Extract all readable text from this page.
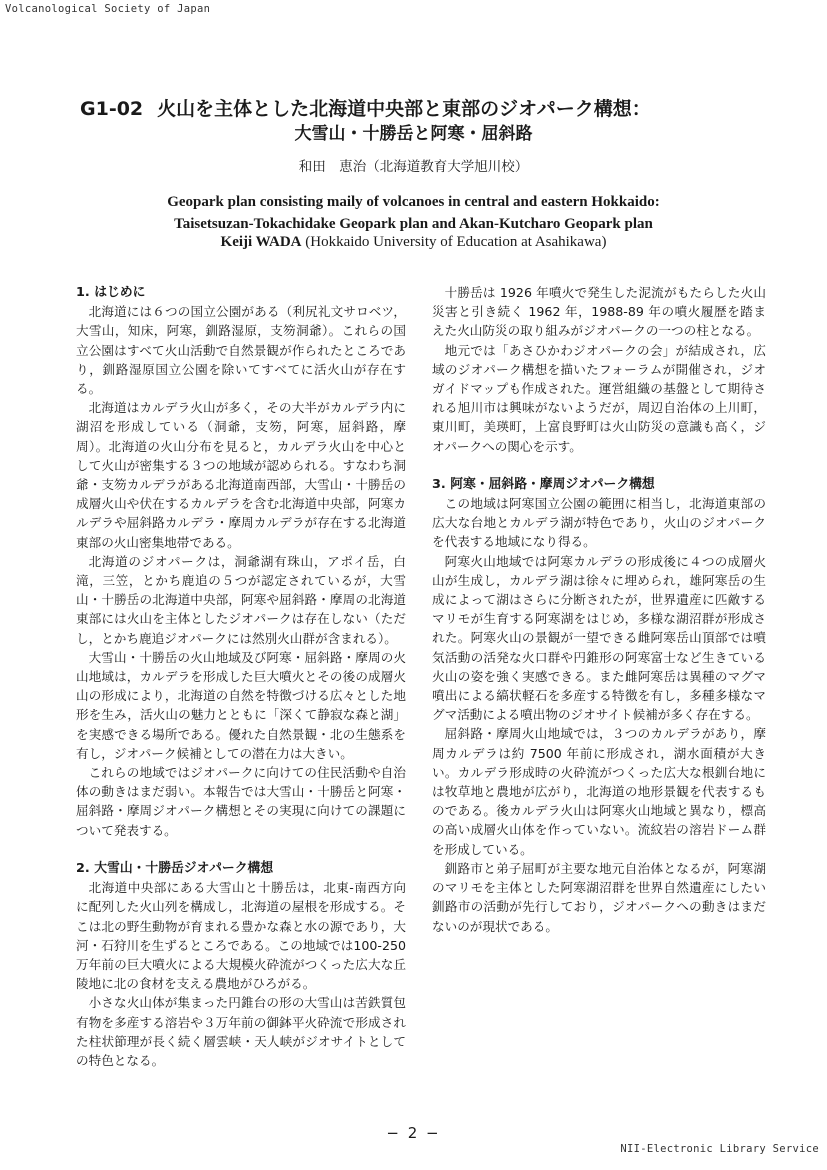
Volcanological Society of Japan
G1-02 火山を主体とした北海道中央部と東部のジオパーク構想：
大雪山・十勝岳と阿寒・屈斜路
和田　恵治（北海道教育大学旭川校）
Geopark plan consisting maily of volcanoes in central and eastern Hokkaido:
Taisetsuzan-Tokachidake Geopark plan and Akan-Kutcharo Geopark plan
Keiji WADA (Hokkaido University of Education at Asahikawa)

1. はじめに

北海道には６つの国立公園がある（利尻礼文サロベツ，大雪山，知床，阿寒，釧路湿原，支笏洞爺）。これらの国立公園はすべて火山活動で自然景観が作られたところであり，釧路湿原国立公園を除いてすべてに活火山が存在する。

北海道はカルデラ火山が多く，その大半がカルデラ内に湖沼を形成している（洞爺，支笏，阿寒，屈斜路，摩周）。北海道の火山分布を見ると，カルデラ火山を中心として火山が密集する３つの地域が認められる。すなわち洞爺・支笏カルデラがある北海道南西部，大雪山・十勝岳の成層火山や伏在するカルデラを含む北海道中央部，阿寒カルデラや屈斜路カルデラ・摩周カルデラが存在する北海道東部の火山密集地帯である。

北海道のジオパークは，洞爺湖有珠山，アポイ岳，白滝，三笠，とかち鹿追の５つが認定されているが，大雪山・十勝岳の北海道中央部，阿寒や屈斜路・摩周の北海道東部には火山を主体としたジオパークは存在しない（ただし，とかち鹿追ジオパークには然別火山群が含まれる）。

大雪山・十勝岳の火山地域及び阿寒・屈斜路・摩周の火山地域は，カルデラを形成した巨大噴火とその後の成層火山の形成により，北海道の自然を特徴づける広々とした地形を生み，活火山の魅力とともに「深くて静寂な森と湖」を実感できる場所である。優れた自然景観・北の生態系を有し，ジオパーク候補としての潜在力は大きい。

これらの地域ではジオパークに向けての住民活動や自治体の動きはまだ弱い。本報告では大雪山・十勝岳と阿寒・屈斜路・摩周ジオパーク構想とその実現に向けての課題について発表する。

2. 大雪山・十勝岳ジオパーク構想

北海道中央部にある大雪山と十勝岳は，北東-南西方向に配列した火山列を構成し，北海道の屋根を形成する。そこは北の野生動物が育まれる豊かな森と水の源であり，大河・石狩川を生ずるところである。この地域では100-250万年前の巨大噴火による大規模火砕流がつくった広大な丘陵地に北の食材を支える農地がひろがる。

小さな火山体が集まった円錐台の形の大雪山は苦鉄質包有物を多産する溶岩や３万年前の御鉢平火砕流で形成された柱状節理が長く続く層雲峡・天人峡がジオサイトとしての特色となる。

十勝岳は 1926 年噴火で発生した泥流がもたらした火山災害と引き続く 1962 年，1988-89 年の噴火履歴を踏まえた火山防災の取り組みがジオパークの一つの柱となる。

地元では「あさひかわジオパークの会」が結成され，広域のジオパーク構想を描いたフォーラムが開催され，ジオガイドマップも作成された。運営組織の基盤として期待される旭川市は興味がないようだが，周辺自治体の上川町，東川町，美瑛町，上富良野町は火山防災の意識も高く，ジオパークへの関心を示す。

3. 阿寒・屈斜路・摩周ジオパーク構想

この地域は阿寒国立公園の範囲に相当し，北海道東部の広大な台地とカルデラ湖が特色であり，火山のジオパークを代表する地域になり得る。

阿寒火山地域では阿寒カルデラの形成後に４つの成層火山が生成し，カルデラ湖は徐々に埋められ，雄阿寒岳の生成によって湖はさらに分断されたが，世界遺産に匹敵するマリモが生育する阿寒湖をはじめ，多様な湖沼群が形成された。阿寒火山の景観が一望できる雌阿寒岳山頂部では噴気活動の活発な火口群や円錐形の阿寒富士など生きている火山の姿を強く実感できる。また雌阿寒岳は異種のマグマ噴出による縞状軽石を多産する特徴を有し，多種多様なマグマ活動による噴出物のジオサイト候補が多く存在する。

屈斜路・摩周火山地域では，３つのカルデラがあり，摩周カルデラは約 7500 年前に形成され，湖水面積が大きい。カルデラ形成時の火砕流がつくった広大な根釧台地には牧草地と農地が広がり，北海道の地形景観を代表するものである。後カルデラ火山は阿寒火山地域と異なり，標高の高い成層火山体を作っていない。流紋岩の溶岩ドーム群を形成している。

釧路市と弟子屈町が主要な地元自治体となるが，阿寒湖のマリモを主体とした阿寒湖沼群を世界自然遺産にしたい釧路市の活動が先行しており，ジオパークへの動きはまだないのが現状である。

− 2 −
NII-Electronic Library Service
